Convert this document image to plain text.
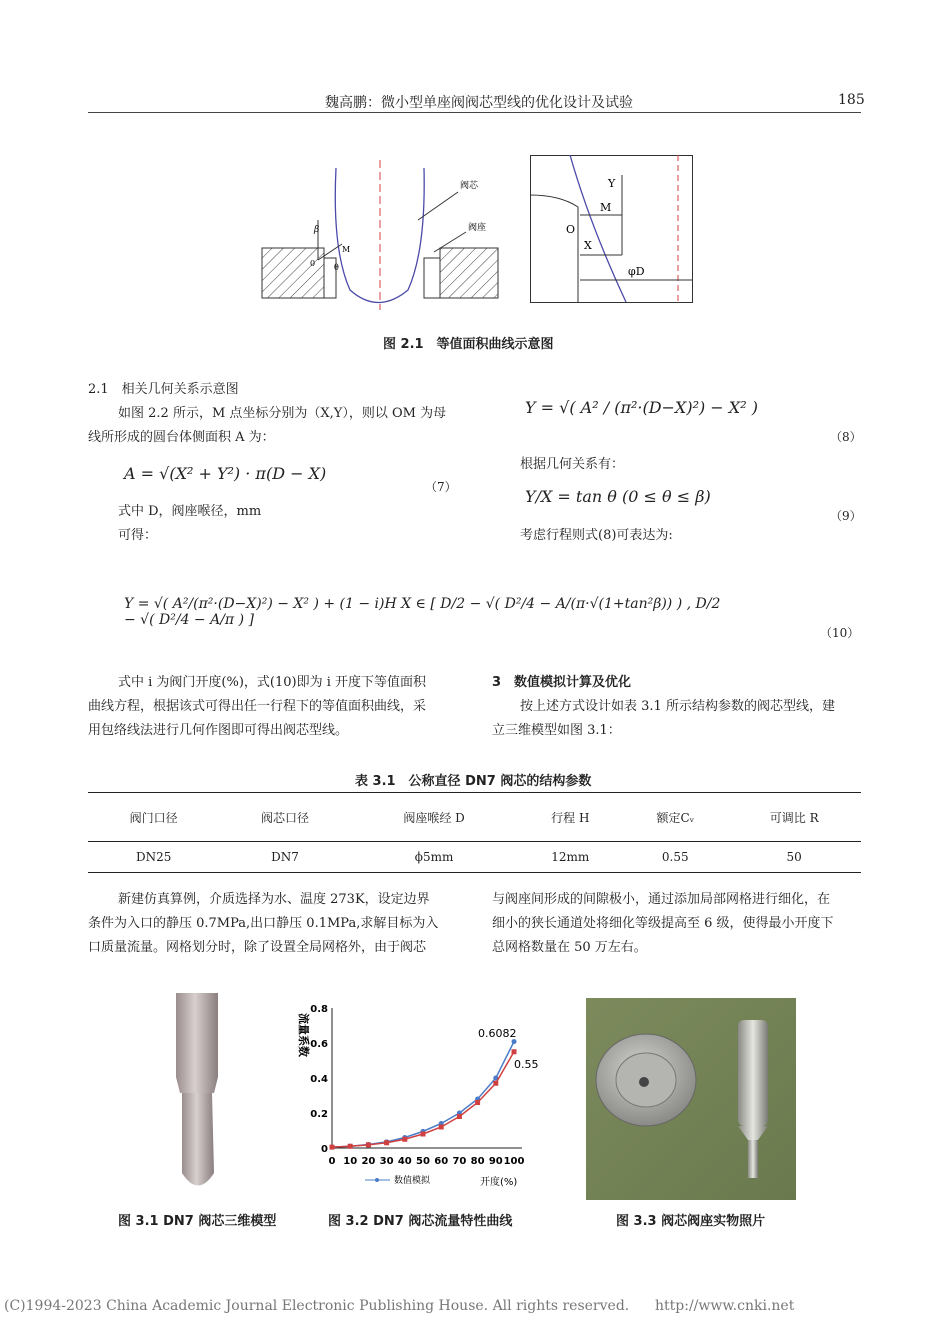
魏高鹏：微小型单座阀阀芯型线的优化设计及试验	185
β
θ
M
0
阀芯
阀座
Y
M
O
X
φD
图 2.1　等值面积曲线示意图
2.1　相关几何关系示意图
如图 2.2 所示，M 点坐标分别为（X,Y），则以 OM 为母
线所形成的圆台体侧面积 A 为：
A = √(X² + Y²) · π(D − X)
（7）
式中 D，阀座喉径，mm
可得：
Y = √( A² / (π²·(D−X)²) − X² )
（8）
根据几何关系有：
Y/X = tan θ (0 ≤ θ ≤ β)
（9）
考虑行程则式(8)可表达为:
Y = √( A²/(π²·(D−X)²) − X² ) + (1 − i)H X ∈ [ D/2 − √( D²/4 − A/(π·√(1+tan²β)) ) , D/2 − √( D²/4 − A/π ) ]
（10）
式中 i 为阀门开度(%)，式(10)即为 i 开度下等值面积
曲线方程，根据该式可得出任一行程下的等值面积曲线，采
用包络线法进行几何作图即可得出阀芯型线。
3　数值模拟计算及优化
按上述方式设计如表 3.1 所示结构参数的阀芯型线，建
立三维模型如图 3.1：
表 3.1　公称直径 DN7 阀芯的结构参数
阀门口径	阀芯口径	阀座喉经 D	行程 H	额定Cᵥ	可调比 R
DN25	DN7	ϕ5mm	12mm	0.55	50
新建仿真算例，介质选择为水、温度 273K，设定边界
条件为入口的静压 0.7MPa,出口静压 0.1MPa,求解目标为入
口质量流量。网格划分时，除了设置全局网格外，由于阀芯
与阀座间形成的间隙极小，通过添加局部网格进行细化，在
细小的狭长通道处将细化等级提高至 6 级，使得最小开度下
总网格数量在 50 万左右。
流量系数
开度(%)
0
0.2
0.4
0.6
0.8
0 10 20 30 40 50 60 70 80 90 100
数值模拟
0.6082
0.55
图 3.1 DN7 阀芯三维模型	图 3.2 DN7 阀芯流量特性曲线	图 3.3 阀芯阀座实物照片
(C)1994-2023 China Academic Journal Electronic Publishing House. All rights reserved. http://www.cnki.net
